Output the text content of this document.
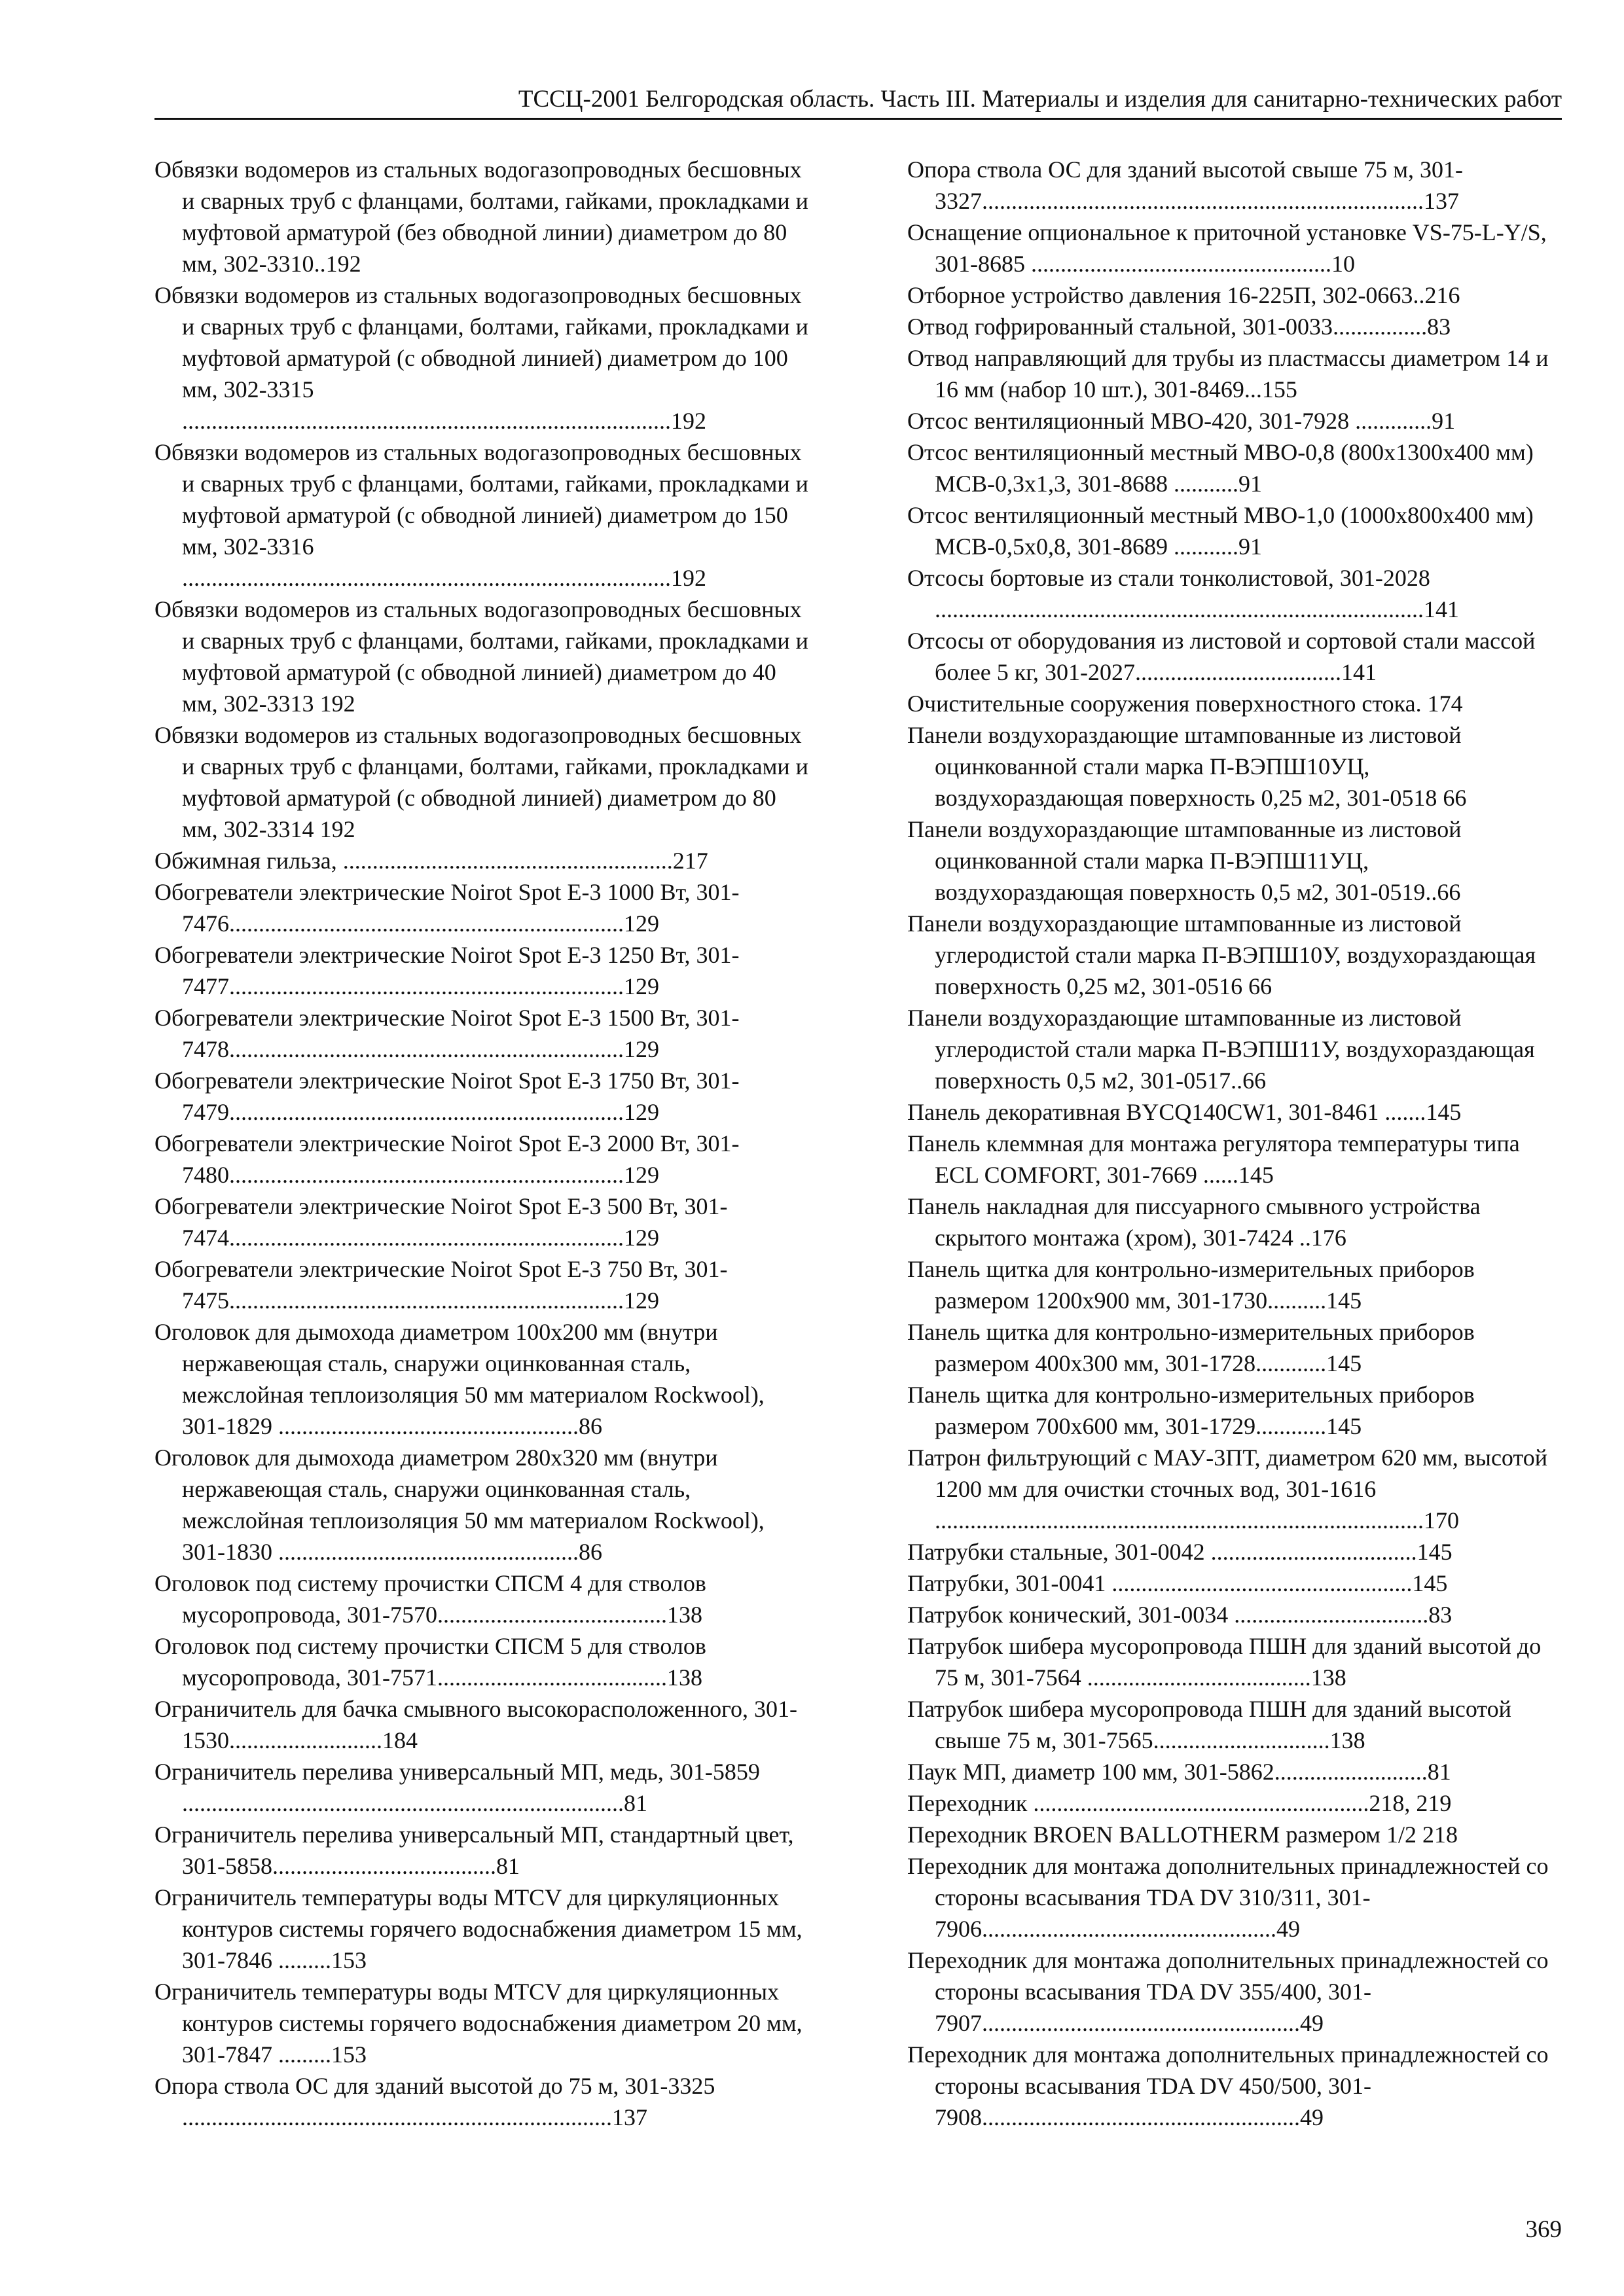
ТССЦ-2001 Белгородская область. Часть III. Материалы и изделия для санитарно-технических работ

Обвязки водомеров из стальных водогазопроводных бесшовных и сварных труб с фланцами, болтами, гайками, прокладками и муфтовой арматурой (без обводной линии) диаметром до 80 мм, 302-3310..192

Обвязки водомеров из стальных водогазопроводных бесшовных и сварных труб с фланцами, болтами, гайками, прокладками и муфтовой арматурой (с обводной линией) диаметром до 100 мм, 302-3315 ...................................................................................192

Обвязки водомеров из стальных водогазопроводных бесшовных и сварных труб с фланцами, болтами, гайками, прокладками и муфтовой арматурой (с обводной линией) диаметром до 150 мм, 302-3316 ...................................................................................192

Обвязки водомеров из стальных водогазопроводных бесшовных и сварных труб с фланцами, болтами, гайками, прокладками и муфтовой арматурой (с обводной линией) диаметром до 40 мм, 302-3313 192

Обвязки водомеров из стальных водогазопроводных бесшовных и сварных труб с фланцами, болтами, гайками, прокладками и муфтовой арматурой (с обводной линией) диаметром до 80 мм, 302-3314 192

Обжимная гильза, ........................................................217

Обогреватели электрические Noirot Spot E-3 1000 Вт, 301-7476...................................................................129

Обогреватели электрические Noirot Spot E-3 1250 Вт, 301-7477...................................................................129

Обогреватели электрические Noirot Spot E-3 1500 Вт, 301-7478...................................................................129

Обогреватели электрические Noirot Spot E-3 1750 Вт, 301-7479...................................................................129

Обогреватели электрические Noirot Spot E-3 2000 Вт, 301-7480...................................................................129

Обогреватели электрические Noirot Spot E-3 500 Вт, 301-7474...................................................................129

Обогреватели электрические Noirot Spot E-3 750 Вт, 301-7475...................................................................129

Оголовок для дымохода диаметром 100х200 мм (внутри нержавеющая сталь, снаружи оцинкованная сталь, межслойная теплоизоляция 50 мм материалом Rockwool), 301-1829 ...................................................86

Оголовок для дымохода диаметром 280х320 мм (внутри нержавеющая сталь, снаружи оцинкованная сталь, межслойная теплоизоляция 50 мм материалом Rockwool), 301-1830 ...................................................86

Оголовок под систему прочистки СПСМ 4 для стволов мусоропровода, 301-7570.......................................138

Оголовок под систему прочистки СПСМ 5 для стволов мусоропровода, 301-7571.......................................138

Ограничитель для бачка смывного высокорасположенного, 301-1530..........................184

Ограничитель перелива универсальный МП, медь, 301-5859 ...........................................................................81

Ограничитель перелива универсальный МП, стандартный цвет, 301-5858......................................81

Ограничитель температуры воды MTCV для циркуляционных контуров системы горячего водоснабжения диаметром 15 мм, 301-7846 .........153

Ограничитель температуры воды MTCV для циркуляционных контуров системы горячего водоснабжения диаметром 20 мм, 301-7847 .........153

Опора ствола ОС для зданий высотой до 75 м, 301-3325 .........................................................................137

Опора ствола ОС для зданий высотой свыше 75 м, 301-3327...........................................................................137

Оснащение опциональное к приточной установке VS-75-L-Y/S, 301-8685 ...................................................10

Отборное устройство давления 16-225П, 302-0663..216

Отвод гофрированный стальной, 301-0033................83

Отвод направляющий для трубы из пластмассы диаметром 14 и 16 мм (набор 10 шт.), 301-8469...155

Отсос вентиляционный МВО-420, 301-7928 .............91

Отсос вентиляционный местный МВО-0,8 (800х1300х400 мм) МСВ-0,3х1,3, 301-8688 ...........91

Отсос вентиляционный местный МВО-1,0 (1000х800х400 мм) МСВ-0,5х0,8, 301-8689 ...........91

Отсосы бортовые из стали тонколистовой, 301-2028 ...................................................................................141

Отсосы от оборудования из листовой и сортовой стали массой более 5 кг, 301-2027...................................141

Очистительные сооружения поверхностного стока. 174

Панели воздухораздающие штампованные из листовой оцинкованной стали марка П-ВЭПШ10УЦ, воздухораздающая поверхность 0,25 м2, 301-0518 66

Панели воздухораздающие штампованные из листовой оцинкованной стали марка П-ВЭПШ11УЦ, воздухораздающая поверхность 0,5 м2, 301-0519..66

Панели воздухораздающие штампованные из листовой углеродистой стали марка П-ВЭПШ10У, воздухораздающая поверхность 0,25 м2, 301-0516 66

Панели воздухораздающие штампованные из листовой углеродистой стали марка П-ВЭПШ11У, воздухораздающая поверхность 0,5 м2, 301-0517..66

Панель декоративная BYCQ140CW1, 301-8461 .......145

Панель клеммная для монтажа регулятора температуры типа ECL COMFORT, 301-7669 ......145

Панель накладная для писсуарного смывного устройства скрытого монтажа (хром), 301-7424 ..176

Панель щитка для контрольно-измерительных приборов размером 1200х900 мм, 301-1730..........145

Панель щитка для контрольно-измерительных приборов размером 400х300 мм, 301-1728............145

Панель щитка для контрольно-измерительных приборов размером 700х600 мм, 301-1729............145

Патрон фильтрующий с МАУ-3ПТ, диаметром 620 мм, высотой 1200 мм для очистки сточных вод, 301-1616 ...................................................................................170

Патрубки стальные, 301-0042 ...................................145

Патрубки, 301-0041 ...................................................145

Патрубок конический, 301-0034 .................................83

Патрубок шибера мусоропровода ПШН для зданий высотой до 75 м, 301-7564 ......................................138

Патрубок шибера мусоропровода ПШН для зданий высотой свыше 75 м, 301-7565..............................138

Паук МП, диаметр 100 мм, 301-5862..........................81

Переходник .........................................................218, 219

Переходник BROEN BALLOTHERM размером 1/2 218

Переходник для монтажа дополнительных принадлежностей со стороны всасывания TDA DV 310/311, 301-7906..................................................49

Переходник для монтажа дополнительных принадлежностей со стороны всасывания TDA DV 355/400, 301-7907......................................................49

Переходник для монтажа дополнительных принадлежностей со стороны всасывания TDA DV 450/500, 301-7908......................................................49

369
